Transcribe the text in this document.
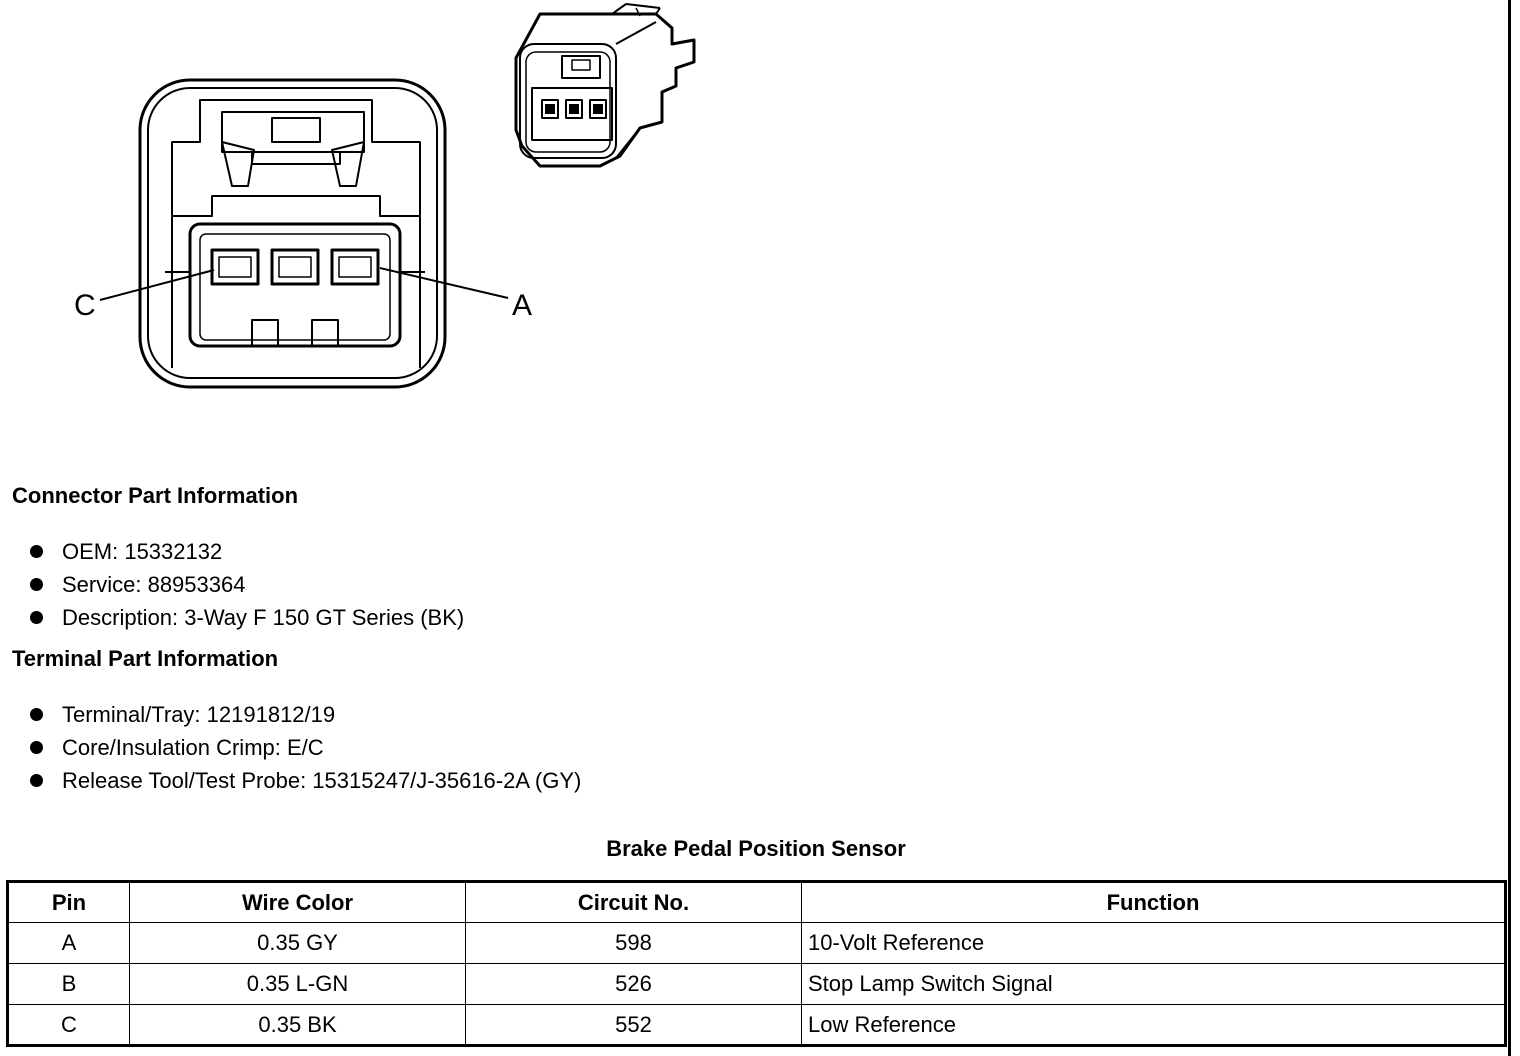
C	A
Connector Part Information
OEM: 15332132
Service: 88953364
Description: 3-Way F 150 GT Series (BK)
Terminal Part Information
Terminal/Tray: 12191812/19
Core/Insulation Crimp: E/C
Release Tool/Test Probe: 15315247/J-35616-2A (GY)
Brake Pedal Position Sensor
Pin	Wire Color	Circuit No.	Function
A	0.35 GY	598	10-Volt Reference
B	0.35 L-GN	526	Stop Lamp Switch Signal
C	0.35 BK	552	Low Reference
